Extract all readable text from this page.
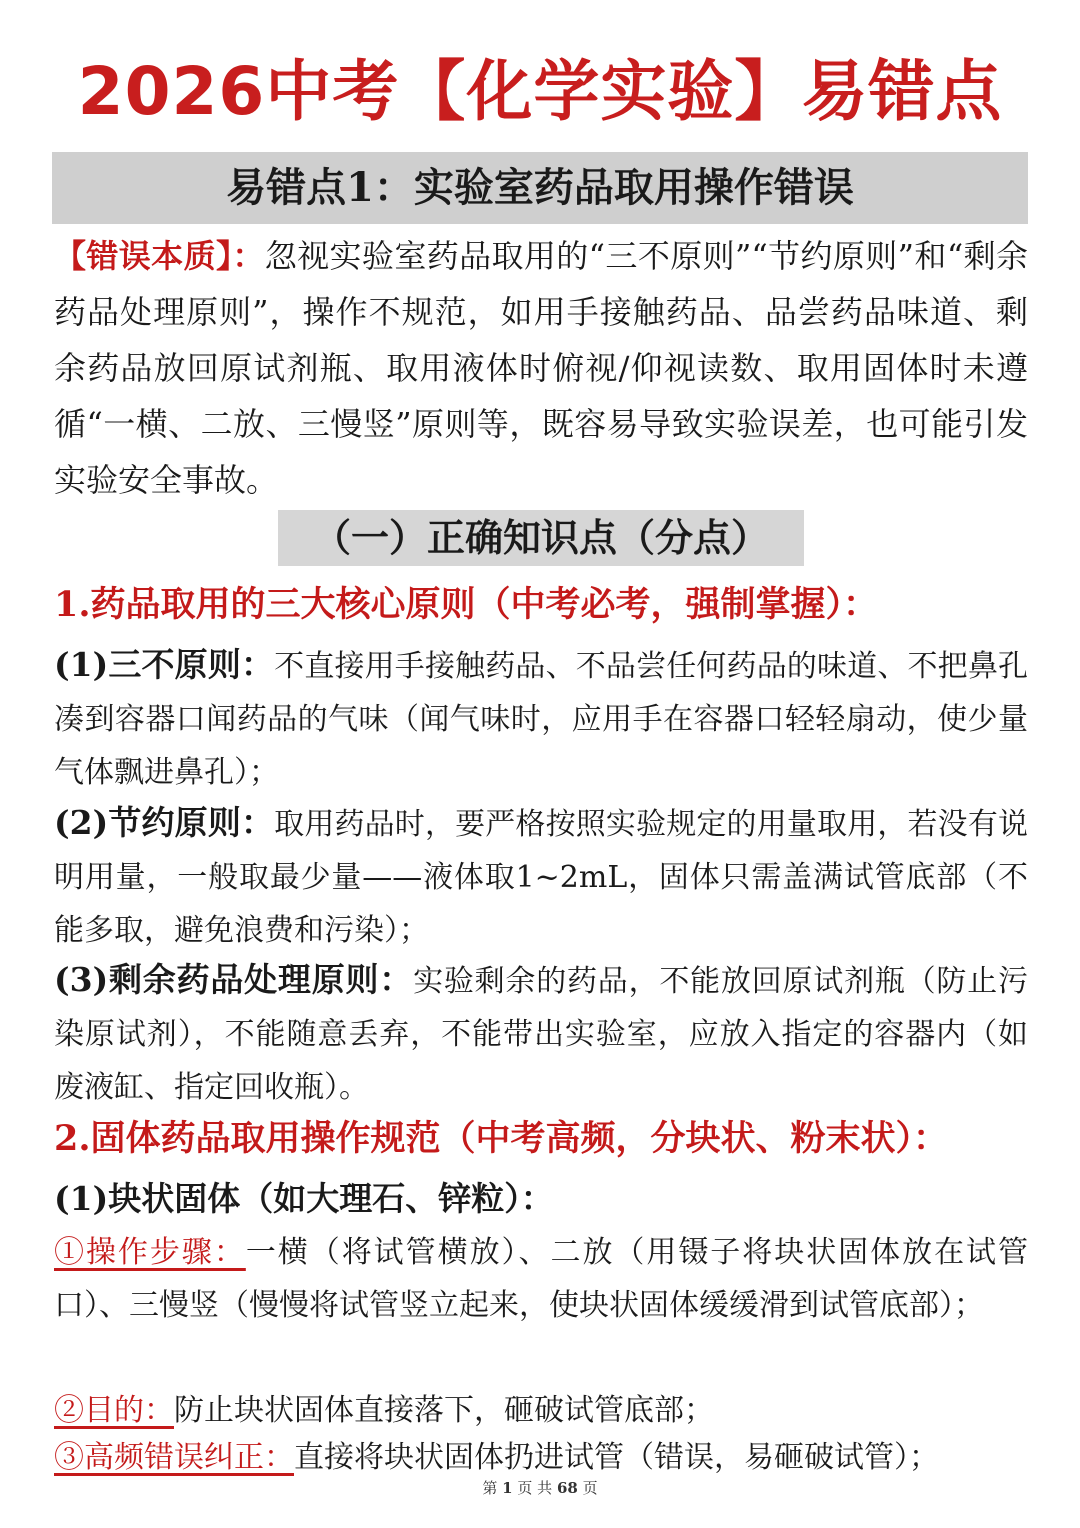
2026中考【化学实验】易错点
易错点1：实验室药品取用操作错误
【错误本质】：忽视实验室药品取用的“三不原则”“节约原则”和“剩余药品处理原则”，操作不规范，如用手接触药品、品尝药品味道、剩余药品放回原试剂瓶、取用液体时俯视/仰视读数、取用固体时未遵循“一横、二放、三慢竖”原则等，既容易导致实验误差，也可能引发实验安全事故。
（一）正确知识点（分点）
1.药品取用的三大核心原则（中考必考，强制掌握）：
(1)三不原则：不直接用手接触药品、不品尝任何药品的味道、不把鼻孔凑到容器口闻药品的气味（闻气味时，应用手在容器口轻轻扇动，使少量气体飘进鼻孔）；
(2)节约原则：取用药品时，要严格按照实验规定的用量取用，若没有说明用量，一般取最少量——液体取1~2mL，固体只需盖满试管底部（不能多取，避免浪费和污染）；
(3)剩余药品处理原则：实验剩余的药品，不能放回原试剂瓶（防止污染原试剂），不能随意丢弃，不能带出实验室，应放入指定的容器内（如废液缸、指定回收瓶）。
2.固体药品取用操作规范（中考高频，分块状、粉末状）：
(1)块状固体（如大理石、锌粒）：
①操作步骤：一横（将试管横放）、二放（用镊子将块状固体放在试管口）、三慢竖（慢慢将试管竖立起来，使块状固体缓缓滑到试管底部）；
②目的：防止块状固体直接落下，砸破试管底部；
③高频错误纠正：直接将块状固体扔进试管（错误，易砸破试管）；
第 1 页 共 68 页
